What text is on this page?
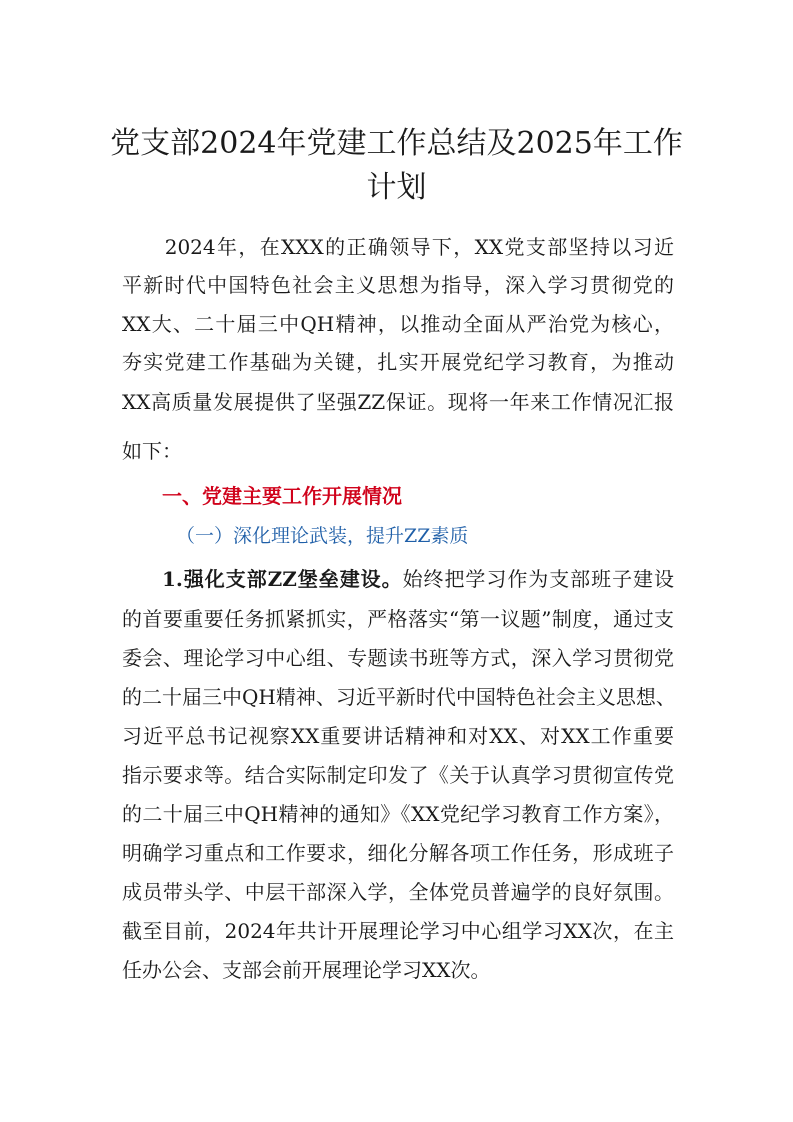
党支部2024年党建工作总结及2025年工作
计划
　　2024年，在XXX的正确领导下，XX党支部坚持以习近
平新时代中国特色社会主义思想为指导，深入学习贯彻党的
XX大、二十届三中QH精神，以推动全面从严治党为核心，
夯实党建工作基础为关键，扎实开展党纪学习教育，为推动
XX高质量发展提供了坚强ZZ保证。现将一年来工作情况汇报
如下：
一、党建主要工作开展情况
（一）深化理论武装，提升ZZ素质
1.强化支部ZZ堡垒建设。始终把学习作为支部班子建设
的首要重要任务抓紧抓实，严格落实“第一议题”制度，通过支
委会、理论学习中心组、专题读书班等方式，深入学习贯彻党
的二十届三中QH精神、习近平新时代中国特色社会主义思想、
习近平总书记视察XX重要讲话精神和对XX、对XX工作重要
指示要求等。结合实际制定印发了《关于认真学习贯彻宣传党
的二十届三中QH精神的通知》《XX党纪学习教育工作方案》，
明确学习重点和工作要求，细化分解各项工作任务，形成班子
成员带头学、中层干部深入学，全体党员普遍学的良好氛围。
截至目前，2024年共计开展理论学习中心组学习XX次，在主
任办公会、支部会前开展理论学习XX次。
